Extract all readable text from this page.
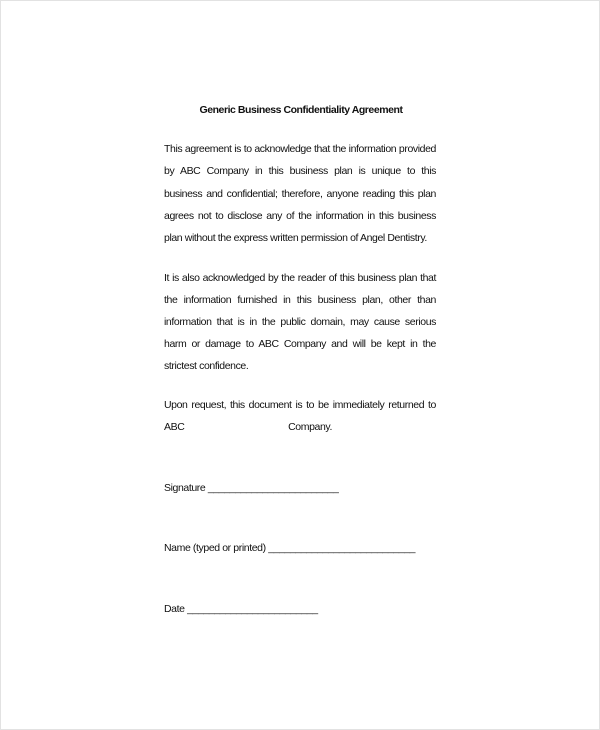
Generic Business Confidentiality Agreement
This agreement is to acknowledge that the information provided
by ABC Company in this business plan is unique to this
business and confidential; therefore, anyone reading this plan
agrees not to disclose any of the information in this business
plan without the express written permission of Angel Dentistry.
It is also acknowledged by the reader of this business plan that
the information furnished in this business plan, other than
information that is in the public domain, may cause serious
harm or damage to ABC Company and will be kept in the
strictest confidence.
Upon request, this document is to be immediately returned to
ABC Company.
Signature ________________________
Name (typed or printed) ___________________________
Date ________________________
